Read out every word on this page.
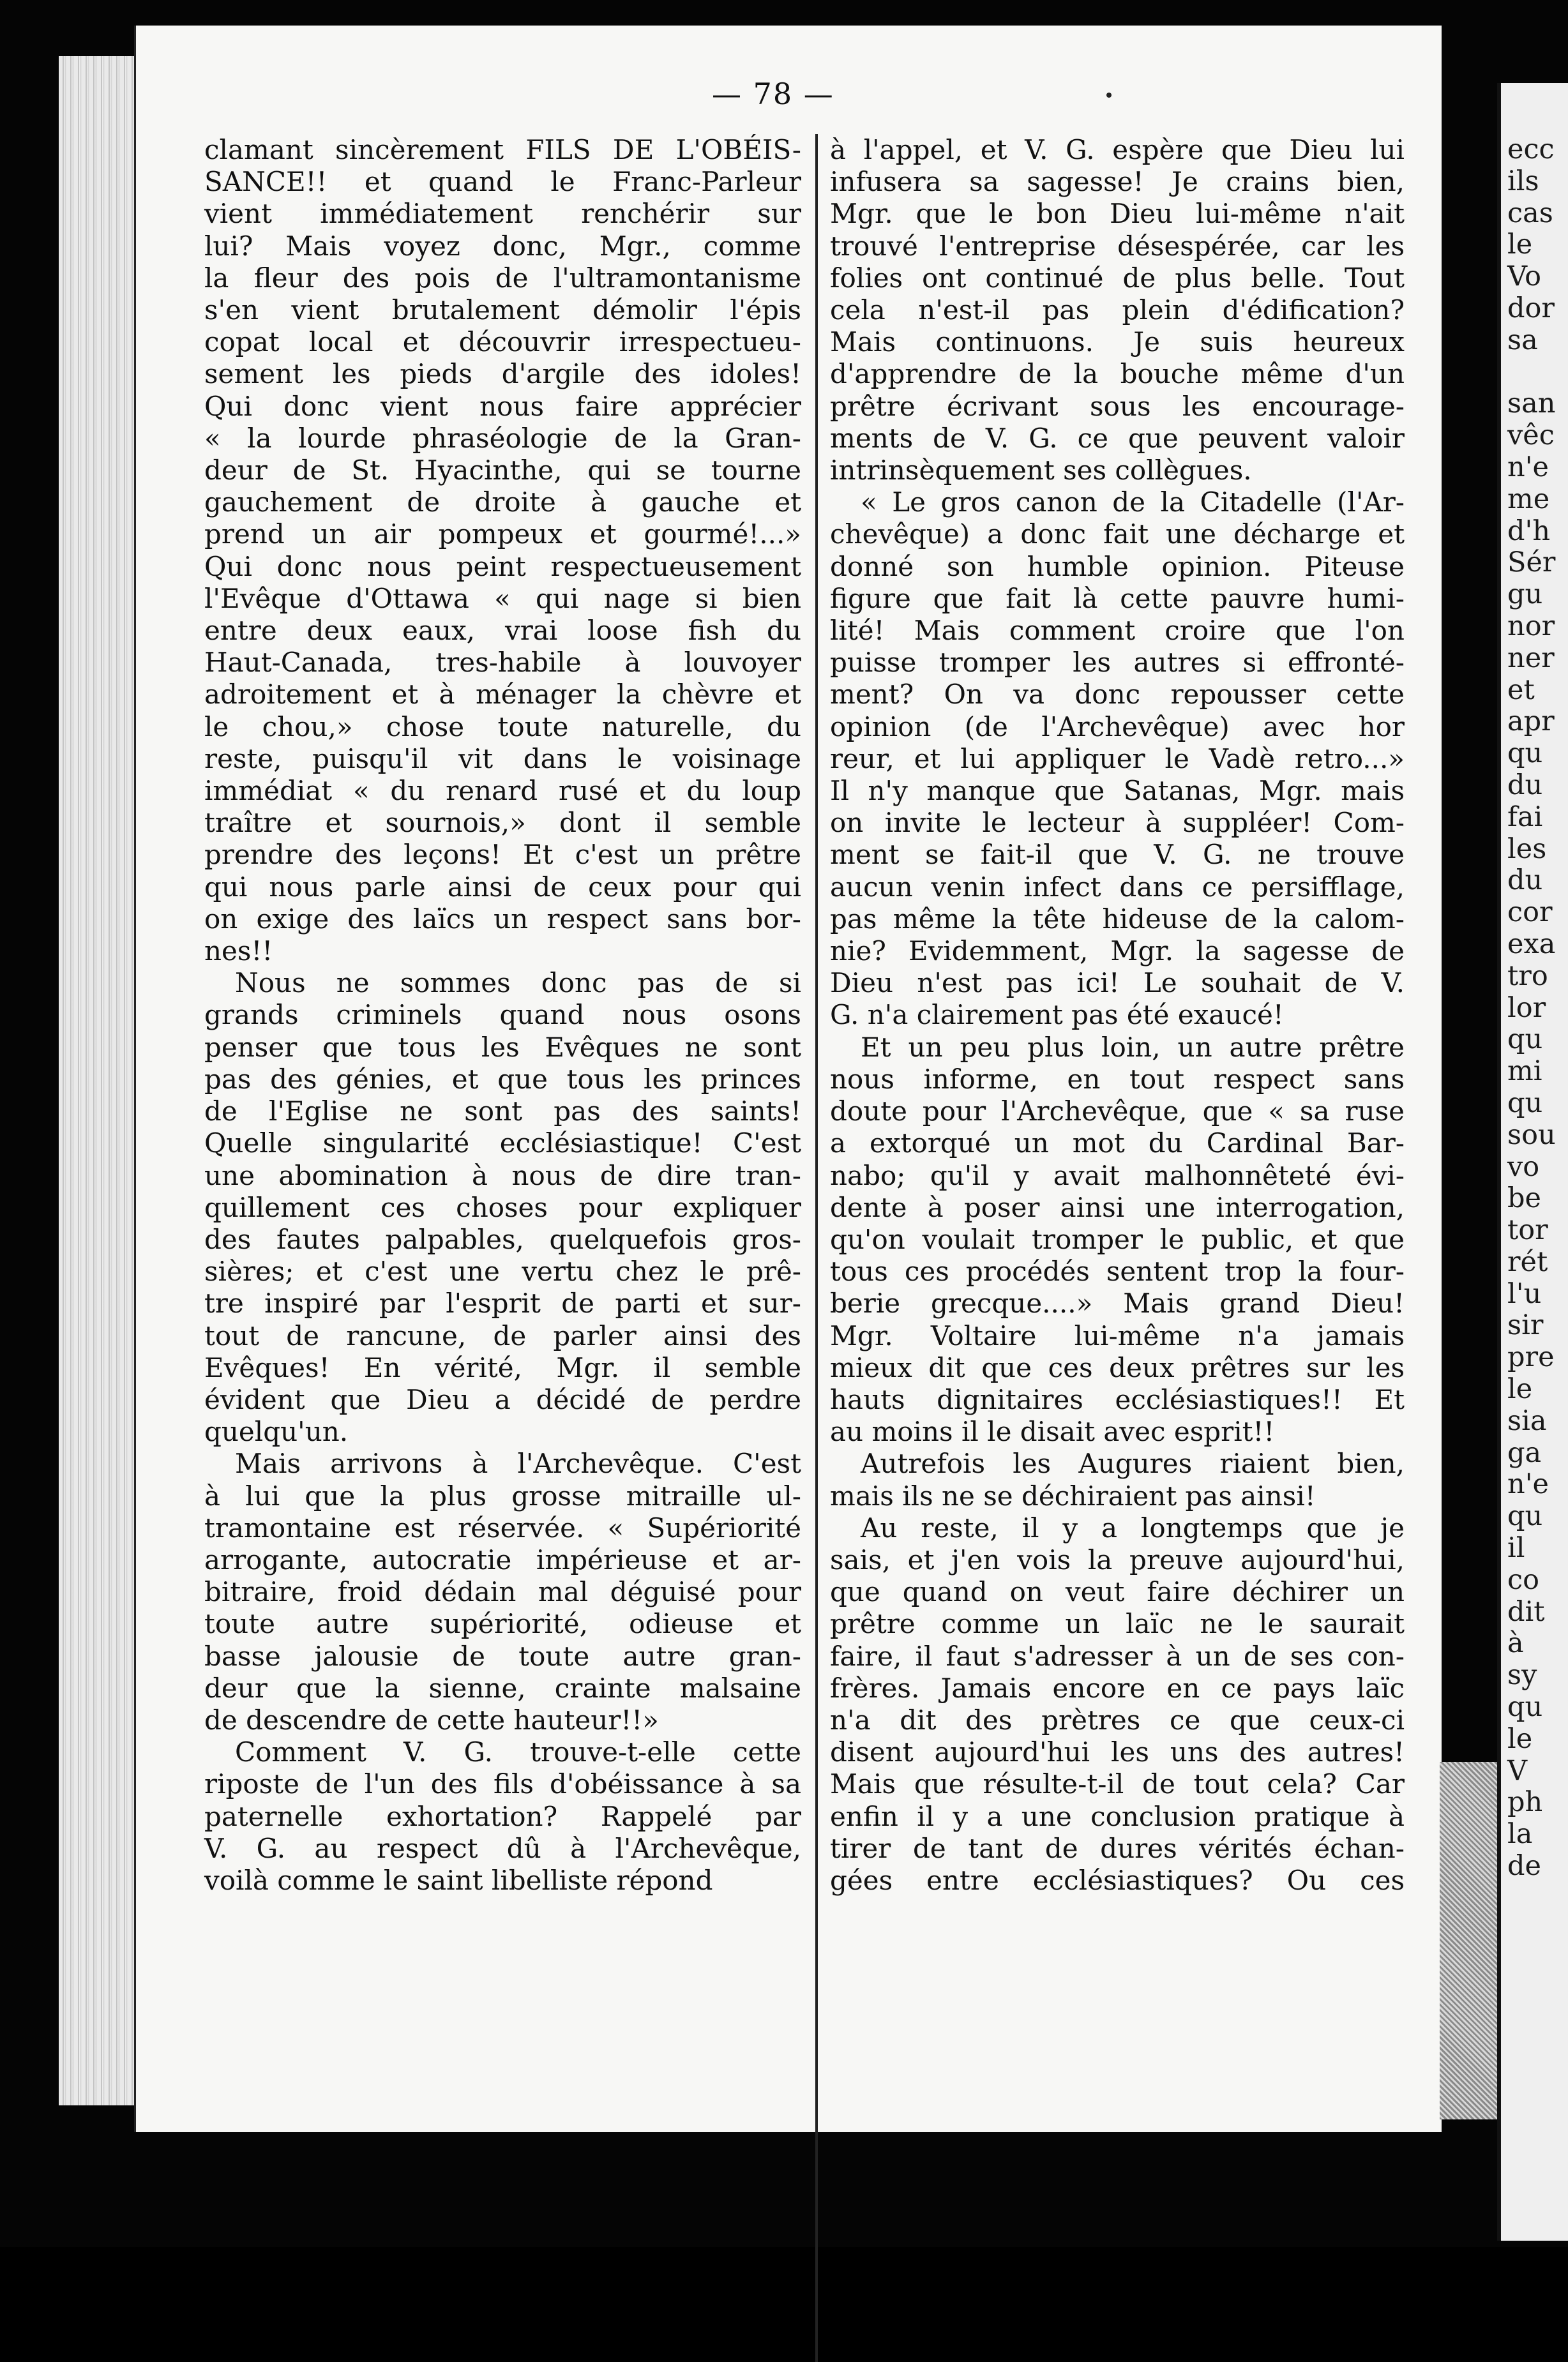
ecc
ils
cas
le
Vo
dor
sa
san
vêc
n'e
me
d'h
Sér
gu
nor
ner
et
apr
qu
du
fai
les
du
cor
exa
tro
lor
qu
mi
qu
sou
vo
be
tor
rét
l'u
sir
pre
le
sia
ga
n'e
qu
il
co
dit
à
sy
qu
le
V
ph
la
de
— 78 —
clamant sincèrement FILS DE L'OBÉIS-
SANCE!! et quand le Franc-Parleur
vient immédiatement renchérir sur
lui? Mais voyez donc, Mgr., comme
la fleur des pois de l'ultramontanisme
s'en vient brutalement démolir l'épis
copat local et découvrir irrespectueu-
sement les pieds d'argile des idoles!
Qui donc vient nous faire apprécier
« la lourde phraséologie de la Gran-
deur de St. Hyacinthe, qui se tourne
gauchement de droite à gauche et
prend un air pompeux et gourmé!...»
Qui donc nous peint respectueusement
l'Evêque d'Ottawa « qui nage si bien
entre deux eaux, vrai loose fish du
Haut-Canada, tres-habile à louvoyer
adroitement et à ménager la chèvre et
le chou,» chose toute naturelle, du
reste, puisqu'il vit dans le voisinage
immédiat « du renard rusé et du loup
traître et sournois,» dont il semble
prendre des leçons! Et c'est un prêtre
qui nous parle ainsi de ceux pour qui
on exige des laïcs un respect sans bor-
nes!!
Nous ne sommes donc pas de si
grands criminels quand nous osons
penser que tous les Evêques ne sont
pas des génies, et que tous les princes
de l'Eglise ne sont pas des saints!
Quelle singularité ecclésiastique! C'est
une abomination à nous de dire tran-
quillement ces choses pour expliquer
des fautes palpables, quelquefois gros-
sières; et c'est une vertu chez le prê-
tre inspiré par l'esprit de parti et sur-
tout de rancune, de parler ainsi des
Evêques! En vérité, Mgr. il semble
évident que Dieu a décidé de perdre
quelqu'un.
Mais arrivons à l'Archevêque. C'est
à lui que la plus grosse mitraille ul-
tramontaine est réservée. « Supériorité
arrogante, autocratie impérieuse et ar-
bitraire, froid dédain mal déguisé pour
toute autre supériorité, odieuse et
basse jalousie de toute autre gran-
deur que la sienne, crainte malsaine
de descendre de cette hauteur!!»
Comment V. G. trouve-t-elle cette
riposte de l'un des fils d'obéissance à sa
paternelle exhortation? Rappelé par
V. G. au respect dû à l'Archevêque,
voilà comme le saint libelliste répond
à l'appel, et V. G. espère que Dieu lui
infusera sa sagesse! Je crains bien,
Mgr. que le bon Dieu lui-même n'ait
trouvé l'entreprise désespérée, car les
folies ont continué de plus belle. Tout
cela n'est-il pas plein d'édification?
Mais continuons. Je suis heureux
d'apprendre de la bouche même d'un
prêtre écrivant sous les encourage-
ments de V. G. ce que peuvent valoir
intrinsèquement ses collègues.
« Le gros canon de la Citadelle (l'Ar-
chevêque) a donc fait une décharge et
donné son humble opinion. Piteuse
figure que fait là cette pauvre humi-
lité! Mais comment croire que l'on
puisse tromper les autres si effronté-
ment? On va donc repousser cette
opinion (de l'Archevêque) avec hor
reur, et lui appliquer le Vadè retro...»
Il n'y manque que Satanas, Mgr. mais
on invite le lecteur à suppléer! Com-
ment se fait-il que V. G. ne trouve
aucun venin infect dans ce persifflage,
pas même la tête hideuse de la calom-
nie? Evidemment, Mgr. la sagesse de
Dieu n'est pas ici! Le souhait de V.
G. n'a clairement pas été exaucé!
Et un peu plus loin, un autre prêtre
nous informe, en tout respect sans
doute pour l'Archevêque, que « sa ruse
a extorqué un mot du Cardinal Bar-
nabo; qu'il y avait malhonnêteté évi-
dente à poser ainsi une interrogation,
qu'on voulait tromper le public, et que
tous ces procédés sentent trop la four-
berie grecque....» Mais grand Dieu!
Mgr. Voltaire lui-même n'a jamais
mieux dit que ces deux prêtres sur les
hauts dignitaires ecclésiastiques!! Et
au moins il le disait avec esprit!!
Autrefois les Augures riaient bien,
mais ils ne se déchiraient pas ainsi!
Au reste, il y a longtemps que je
sais, et j'en vois la preuve aujourd'hui,
que quand on veut faire déchirer un
prêtre comme un laïc ne le saurait
faire, il faut s'adresser à un de ses con-
frères. Jamais encore en ce pays laïc
n'a dit des prètres ce que ceux-ci
disent aujourd'hui les uns des autres!
Mais que résulte-t-il de tout cela? Car
enfin il y a une conclusion pratique à
tirer de tant de dures vérités échan-
gées entre ecclésiastiques? Ou ces
